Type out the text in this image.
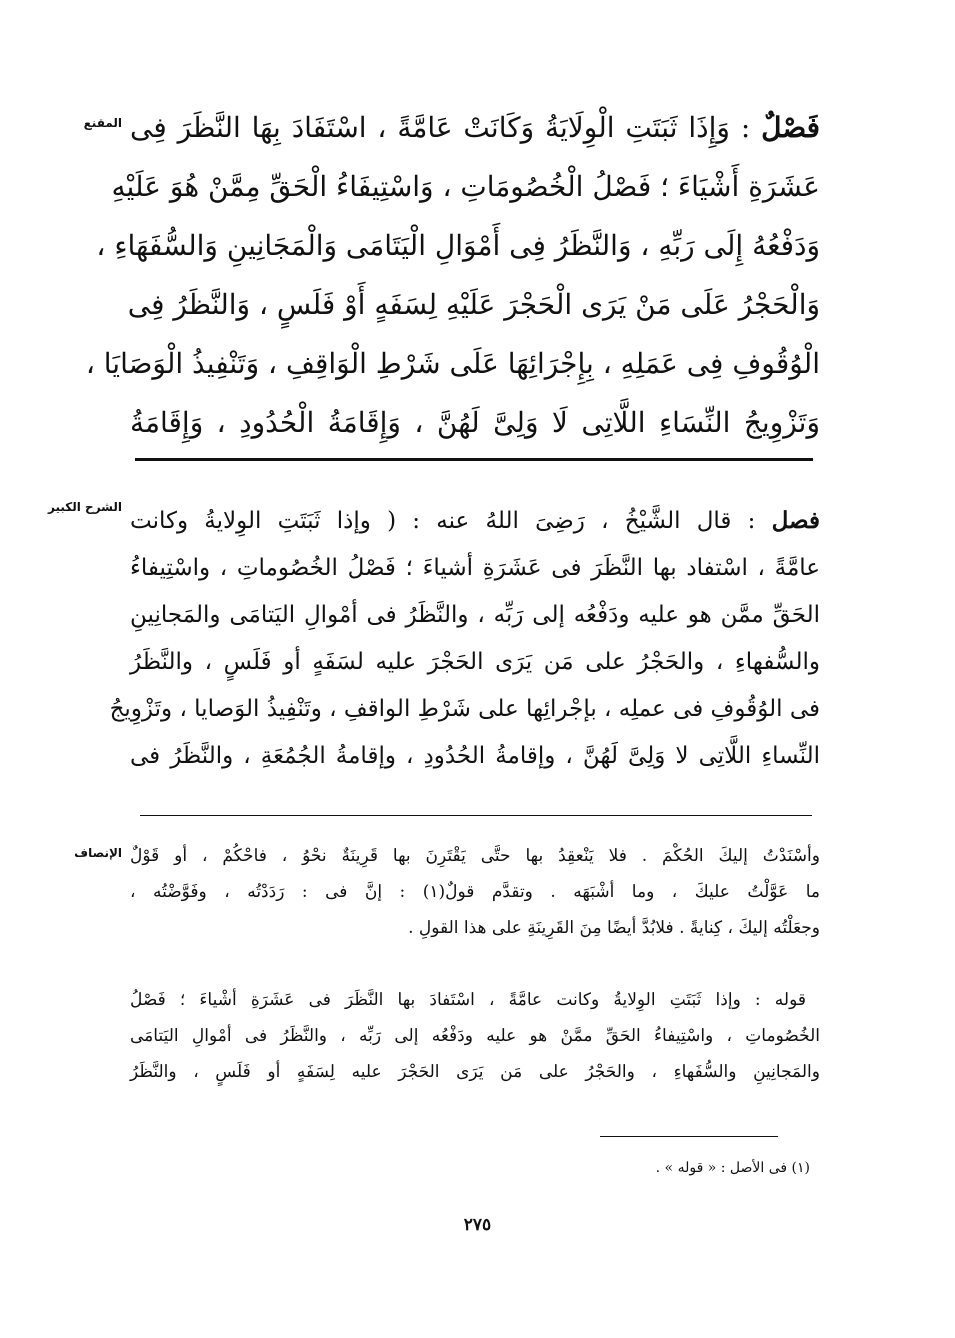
المقنع
الشرح الكبير
الإنصاف
فَصْلٌ : وَإِذَا ثَبَتَتِ الْوِلَايَةُ وَكَانَتْ عَامَّةً ، اسْتَفَادَ بِهَا النَّظَرَ فِى
عَشَرَةِ أَشْيَاءَ ؛ فَصْلُ الْخُصُومَاتِ ، وَاسْتِيفَاءُ الْحَقِّ مِمَّنْ هُوَ عَلَيْهِ
وَدَفْعُهُ إِلَى رَبِّهِ ، وَالنَّظَرُ فِى أَمْوَالِ الْيَتَامَى وَالْمَجَانِينِ وَالسُّفَهَاءِ ،
وَالْحَجْرُ عَلَى مَنْ يَرَى الْحَجْرَ عَلَيْهِ لِسَفَهٍ أَوْ فَلَسٍ ، وَالنَّظَرُ فِى
الْوُقُوفِ فِى عَمَلِهِ ، بِإِجْرَائِهَا عَلَى شَرْطِ الْوَاقِفِ ، وَتَنْفِيذُ الْوَصَايَا ،
وَتَزْوِيجُ النِّسَاءِ اللَّاتِى لَا وَلِىَّ لَهُنَّ ، وَإِقَامَةُ الْحُدُودِ ، وَإِقَامَةُ
فصل : قال الشَّيْخُ ، رَضِىَ اللهُ عنه : ( وإذا ثَبَتَتِ الوِلايةُ وكانت
عامَّةً ، اسْتفاد بها النَّظَرَ فى عَشَرَةِ أشياءَ ؛ فَصْلُ الخُصُوماتِ ، واسْتِيفاءُ
الحَقِّ ممَّن هو عليه ودَفْعُه إلى رَبِّه ، والنَّظَرُ فى أمْوالِ اليَتامَى والمَجانِينِ
والسُّفهاءِ ، والحَجْرُ على مَن يَرَى الحَجْرَ عليه لسَفَهٍ أو فَلَسٍ ، والنَّظَرُ
فى الوُقُوفِ فى عملِه ، بإجْرائِها على شَرْطِ الواقفِ ، وتَنْفِيذُ الوَصايا ، وتَزْوِيجُ
النِّساءِ اللَّاتِى لا وَلِىَّ لَهُنَّ ، وإقامةُ الحُدُودِ ، وإقامةُ الجُمُعَةِ ، والنَّظَرُ فى
وأسْنَدْتُ إليكَ الحُكْمَ . فلا يَنْعقِدُ بها حتَّى يَقْتَرِنَ بها قَرِينَةٌ نحْوُ ، فاحْكُمْ ، أو قَوْلٌ
ما عَوَّلْتُ عليكَ ، وما أشْبَهَه . وتقدَّم قولٌ(١) : إنَّ فى : رَدَدْتُه ، وفَوَّضْتُه ،
وجعَلْتُه إليكَ ، كِنايةً . فلابُدَّ أيضًا مِنَ القَرِينَةِ على هذا القولِ .
قوله : وإذا ثَبَتَتِ الوِلايةُ وكانت عامَّةً ، اسْتَفادَ بها النَّظَرَ فى عَشَرَةِ أشْياءَ ؛ فَصْلُ
الخُصُوماتِ ، واسْتِيفاءُ الحَقِّ ممَّنْ هو عليه ودَفْعُه إلى رَبِّه ، والنَّظَرُ فى أمْوالِ اليَتامَى
والمَجانِينِ والسُّفَهاءِ ، والحَجْرُ على مَن يَرَى الحَجْرَ عليه لِسَفَهٍ أو فَلَسٍ ، والنَّظَرُ
(١) فى الأصل : « قوله » .
٢٧٥
